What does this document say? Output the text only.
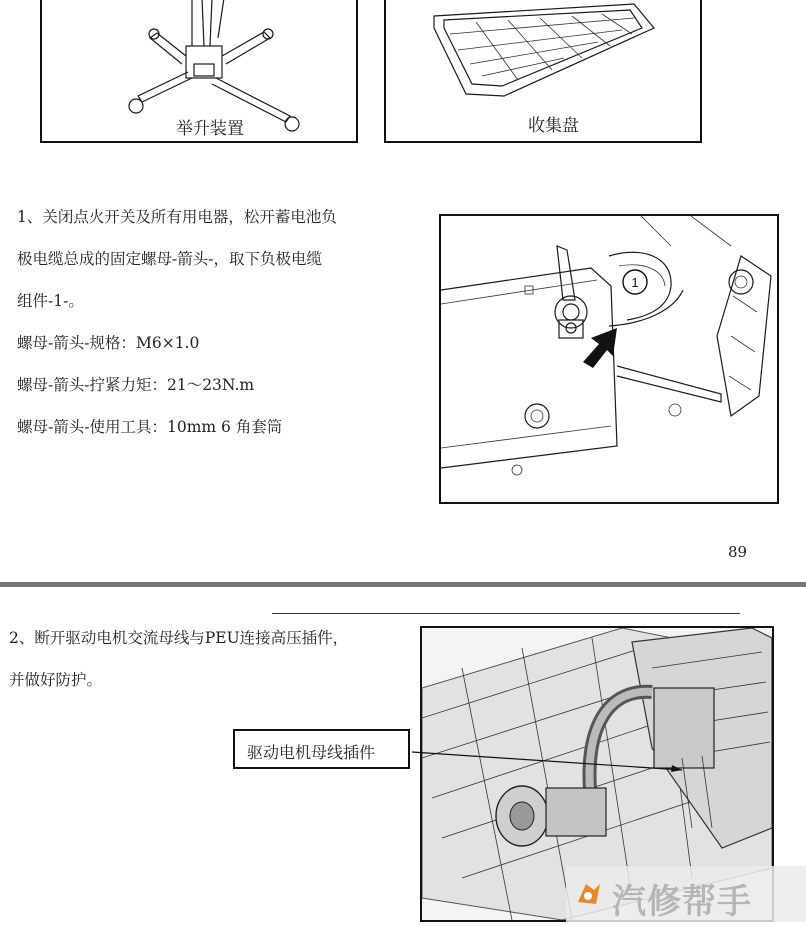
举升装置	收集盘
1、关闭点火开关及所有用电器，松开蓄电池负
极电缆总成的固定螺母-箭头-，取下负极电缆
组件-1-。
螺母-箭头-规格：M6×1.0
螺母-箭头-拧紧力矩：21～23N.m
螺母-箭头-使用工具：10mm 6 角套筒
1
89
2、断开驱动电机交流母线与PEU连接高压插件，
并做好防护。
驱动电机母线插件
汽修帮手
